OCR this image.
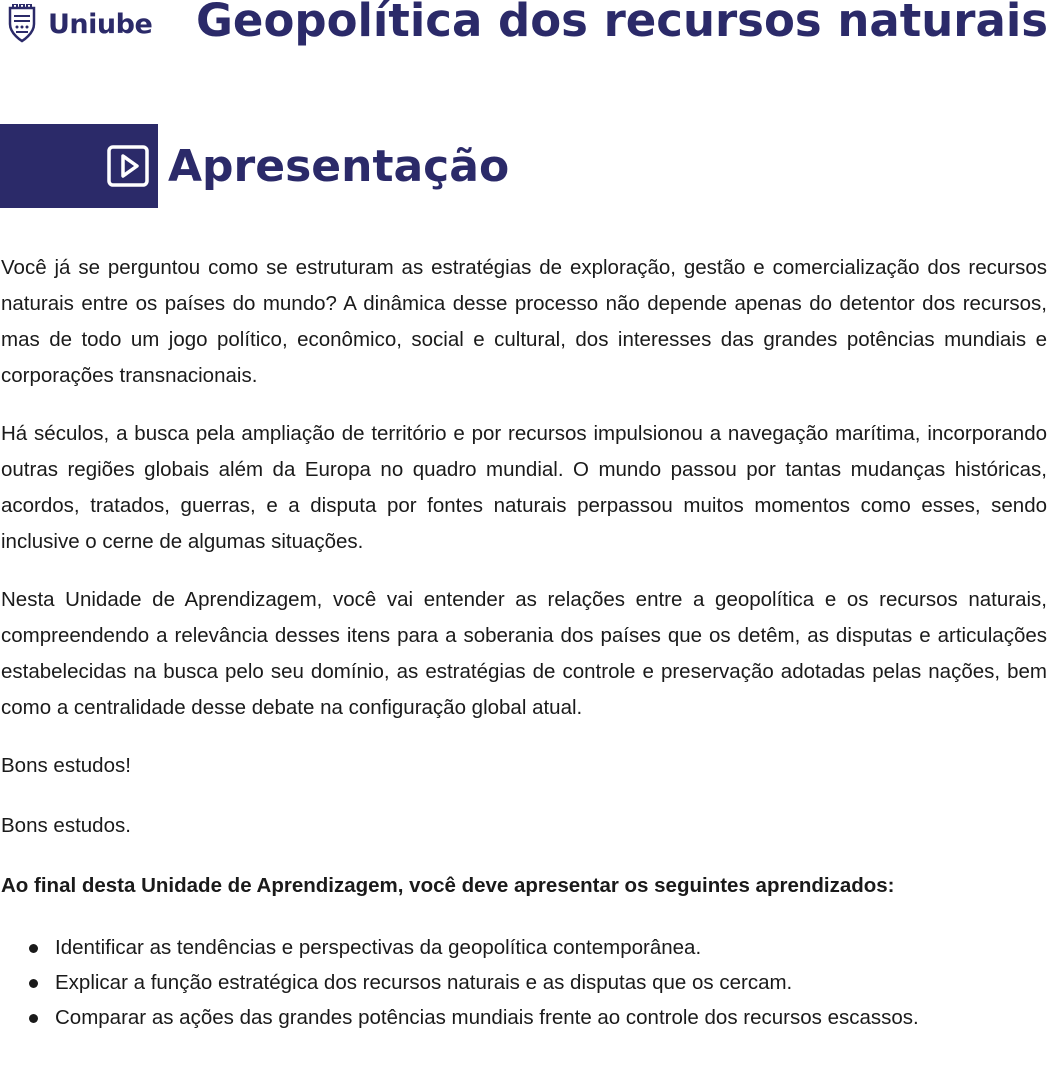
Uniube Geopolítica dos recursos naturais
Apresentação

Você já se perguntou como se estruturam as estratégias de exploração, gestão e comercialização dos recursos naturais entre os países do mundo? A dinâmica desse processo não depende apenas do detentor dos recursos, mas de todo um jogo político, econômico, social e cultural, dos interesses das grandes potências mundiais e corporações transnacionais.

Há séculos, a busca pela ampliação de território e por recursos impulsionou a navegação marítima, incorporando outras regiões globais além da Europa no quadro mundial. O mundo passou por tantas mudanças históricas, acordos, tratados, guerras, e a disputa por fontes naturais perpassou muitos momentos como esses, sendo inclusive o cerne de algumas situações.

Nesta Unidade de Aprendizagem, você vai entender as relações entre a geopolítica e os recursos naturais, compreendendo a relevância desses itens para a soberania dos países que os detêm, as disputas e articulações estabelecidas na busca pelo seu domínio, as estratégias de controle e preservação adotadas pelas nações, bem como a centralidade desse debate na configuração global atual.

Bons estudos!

Bons estudos.

Ao final desta Unidade de Aprendizagem, você deve apresentar os seguintes aprendizados:

Identificar as tendências e perspectivas da geopolítica contemporânea.
Explicar a função estratégica dos recursos naturais e as disputas que os cercam.
Comparar as ações das grandes potências mundiais frente ao controle dos recursos escassos.
